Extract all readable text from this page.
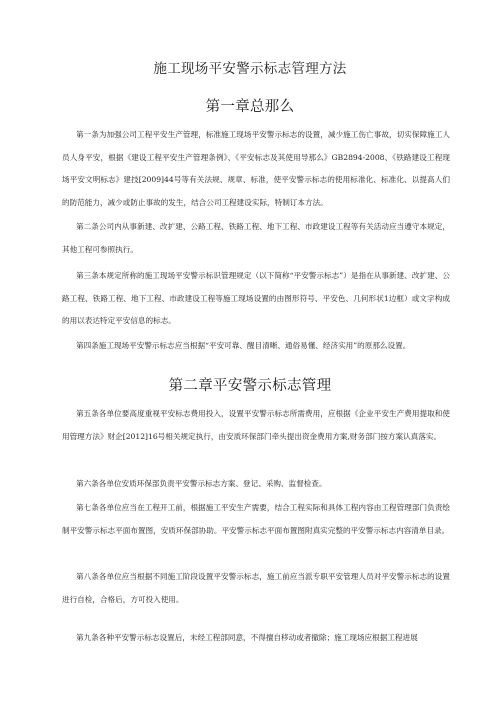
施工现场平安警示标志管理方法
第一章总那么

第一条为加强公司工程平安生产管理，标准施工现场平安警示标志的设置，减少施工伤亡事故，切实保障施工人员人身平安，根据《建设工程平安生产管理条例》、《平安标志及其使用导那么》GB2894-2008、《铁路建设工程现场平安文明标志》建技[2009]44号等有关法规、规章、标准，使平安警示标志的使用标准化、标准化、以提高人们的防范能力，减少或防止事故的发生，结合公司工程建设实际，特制订本方法。

第二条公司内从事新建、改扩建、公路工程、铁路工程、地下工程、市政建设工程等有关活动应当遵守本规定，其他工程可参照执行。

第三条本规定所称的施工现场平安警示标识管理规定（以下简称“平安警示标志”）是指在从事新建、改扩建、公路工程、铁路工程、地下工程、市政建设工程等施工现场设置的由图形符号、平安色、几何形状1边框）或文字构成的用以表达特定平安信息的标志。

第四条施工现场平安警示标志应当根据“平安可靠、醒目清晰、通俗易懂、经济实用”的原那么设置。

第二章平安警示标志管理

第五条各单位要高度重视平安标志费用投入，设置平安警示标志所需费用，应根据《企业平安生产费用提取和使用管理方法》财企[2012]16号相关规定执行，由安质环保部门牵头提出资金费用方案,财务部门按方案认真落实。

第六条各单位安质环保部负责平安警示标志方案、登记、采购、监督检查。

第七条各单位应当在工程开工前，根据施工平安生产需要，结合工程实际和具体工程内容由工程管理部门负责绘制平安警示标志平面布置图，安质环保部协助。平安警示标志平面布置图附真实完整的平安警示标志内容清单目录。

第八条各单位应当根据不同施工阶段设置平安警示标志，施工前应当派专职平安管理人员对平安警示标志的设置进行自检，合格后，方可投入使用。

第九条各种平安警示标志设置后，未经工程部同意，不得擅自移动或者撤除；施工现场应根据工程进展
